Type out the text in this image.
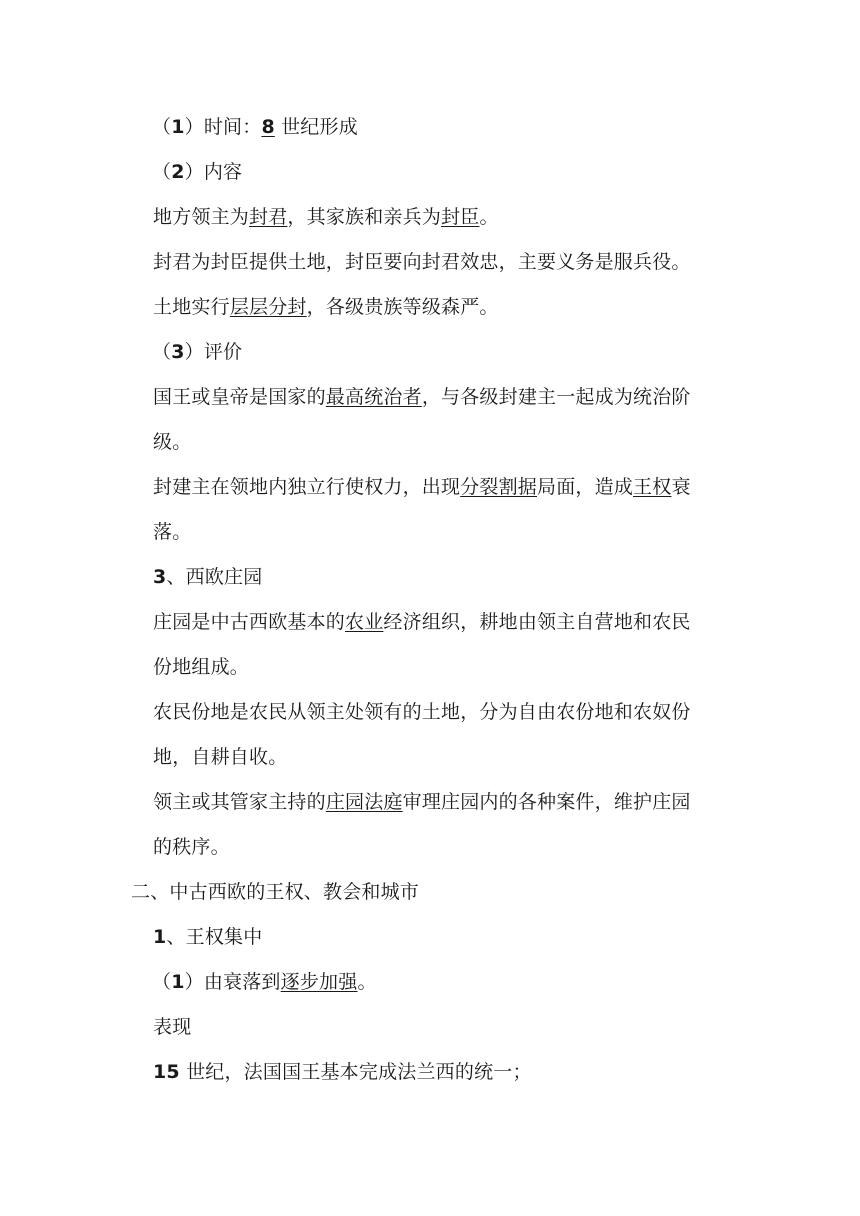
（1）时间：8 世纪形成
（2）内容
地方领主为封君，其家族和亲兵为封臣。
封君为封臣提供土地，封臣要向封君效忠，主要义务是服兵役。
土地实行层层分封，各级贵族等级森严。
（3）评价
国王或皇帝是国家的最高统治者，与各级封建主一起成为统治阶
级。
封建主在领地内独立行使权力，出现分裂割据局面，造成王权衰
落。
3、西欧庄园
庄园是中古西欧基本的农业经济组织，耕地由领主自营地和农民
份地组成。
农民份地是农民从领主处领有的土地，分为自由农份地和农奴份
地，自耕自收。
领主或其管家主持的庄园法庭审理庄园内的各种案件，维护庄园
的秩序。
二、中古西欧的王权、教会和城市
1、王权集中
（1）由衰落到逐步加强。
表现
15 世纪，法国国王基本完成法兰西的统一；
